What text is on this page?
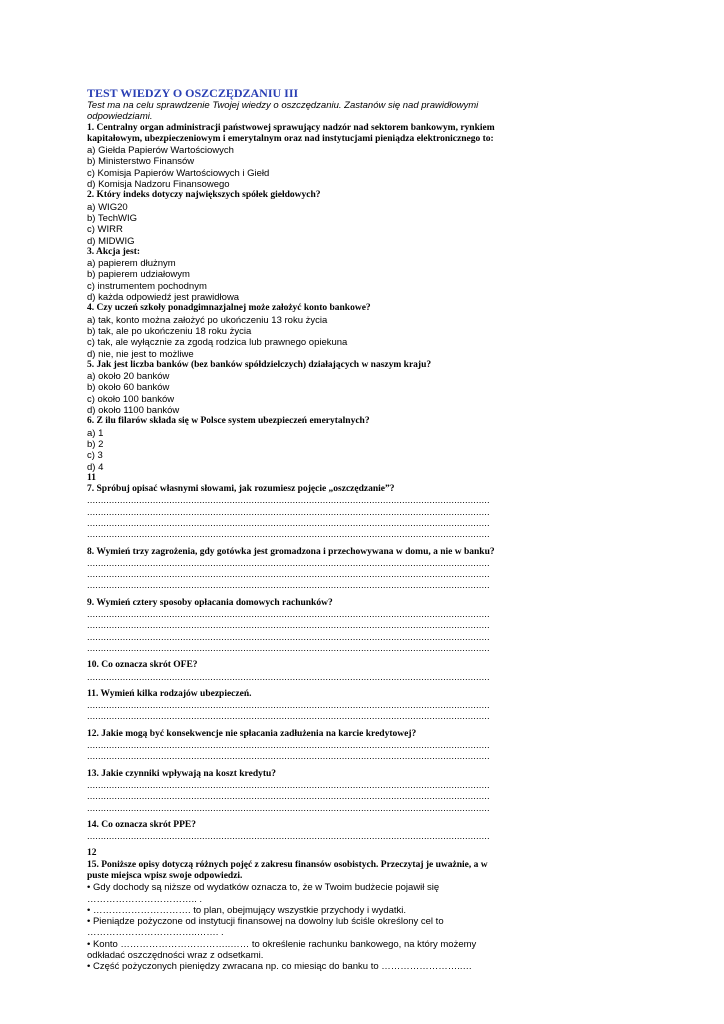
TEST WIEDZY O OSZCZĘDZANIU III

Test ma na celu sprawdzenie Twojej wiedzy o oszczędzaniu. Zastanów się nad prawidłowymi odpowiedziami.

1. Centralny organ administracji państwowej sprawujący nadzór nad sektorem bankowym, rynkiem kapitałowym, ubezpieczeniowym i emerytalnym oraz nad instytucjami pieniądza elektronicznego to:

a) Giełda Papierów Wartościowych

b) Ministerstwo Finansów

c) Komisja Papierów Wartościowych i Giełd

d) Komisja Nadzoru Finansowego

2. Który indeks dotyczy największych spółek giełdowych?

a) WIG20

b) TechWIG

c) WIRR

d) MIDWIG

3. Akcja jest:

a) papierem dłużnym

b) papierem udziałowym

c) instrumentem pochodnym

d) każda odpowiedź jest prawidłowa

4. Czy uczeń szkoły ponadgimnazjalnej może założyć konto bankowe?

a) tak, konto można założyć po ukończeniu 13 roku życia

b) tak, ale po ukończeniu 18 roku życia

c) tak, ale wyłącznie za zgodą rodzica lub prawnego opiekuna

d) nie, nie jest to możliwe

5. Jak jest liczba banków (bez banków spółdzielczych) działających w naszym kraju?

a) około 20 banków

b) około 60 banków

c) około 100 banków

d) około 1100 banków

6. Z ilu filarów składa się w Polsce system ubezpieczeń emerytalnych?

a) 1

b) 2

c) 3

d) 4

11

7. Spróbuj opisać własnymi słowami, jak rozumiesz pojęcie „oszczędzanie”?

...................................................................................................................................................

...................................................................................................................................................

...................................................................................................................................................

...................................................................................................................................................

8. Wymień trzy zagrożenia, gdy gotówka jest gromadzona i przechowywana w domu, a nie w banku?

...................................................................................................................................................

...................................................................................................................................................

...................................................................................................................................................

9. Wymień cztery sposoby opłacania domowych rachunków?

...................................................................................................................................................

...................................................................................................................................................

...................................................................................................................................................

...................................................................................................................................................

10. Co oznacza skrót OFE?

...................................................................................................................................................

11. Wymień kilka rodzajów ubezpieczeń.

...................................................................................................................................................

...................................................................................................................................................

12. Jakie mogą być konsekwencje nie spłacania zadłużenia na karcie kredytowej?

...................................................................................................................................................

...................................................................................................................................................

13. Jakie czynniki wpływają na koszt kredytu?

...................................................................................................................................................

...................................................................................................................................................

...................................................................................................................................................

14. Co oznacza skrót PPE?

...................................................................................................................................................

12

15. Poniższe opisy dotyczą różnych pojęć z zakresu finansów osobistych. Przeczytaj je uważnie, a w puste miejsca wpisz swoje odpowiedzi.

• Gdy dochody są niższe od wydatków oznacza to, że w Twoim budżecie pojawił się …………………………….. .

• …………………………. to plan, obejmujący wszystkie przychody i wydatki.

• Pieniądze pożyczone od instytucji finansowej na dowolny lub ściśle określony cel to ……………………………..……. .

• Konto ……………………………..…… to określenie rachunku bankowego, na który możemy odkładać oszczędności wraz z odsetkami.

• Część pożyczonych pieniędzy zwracana np. co miesiąc do banku to ……………………..…
